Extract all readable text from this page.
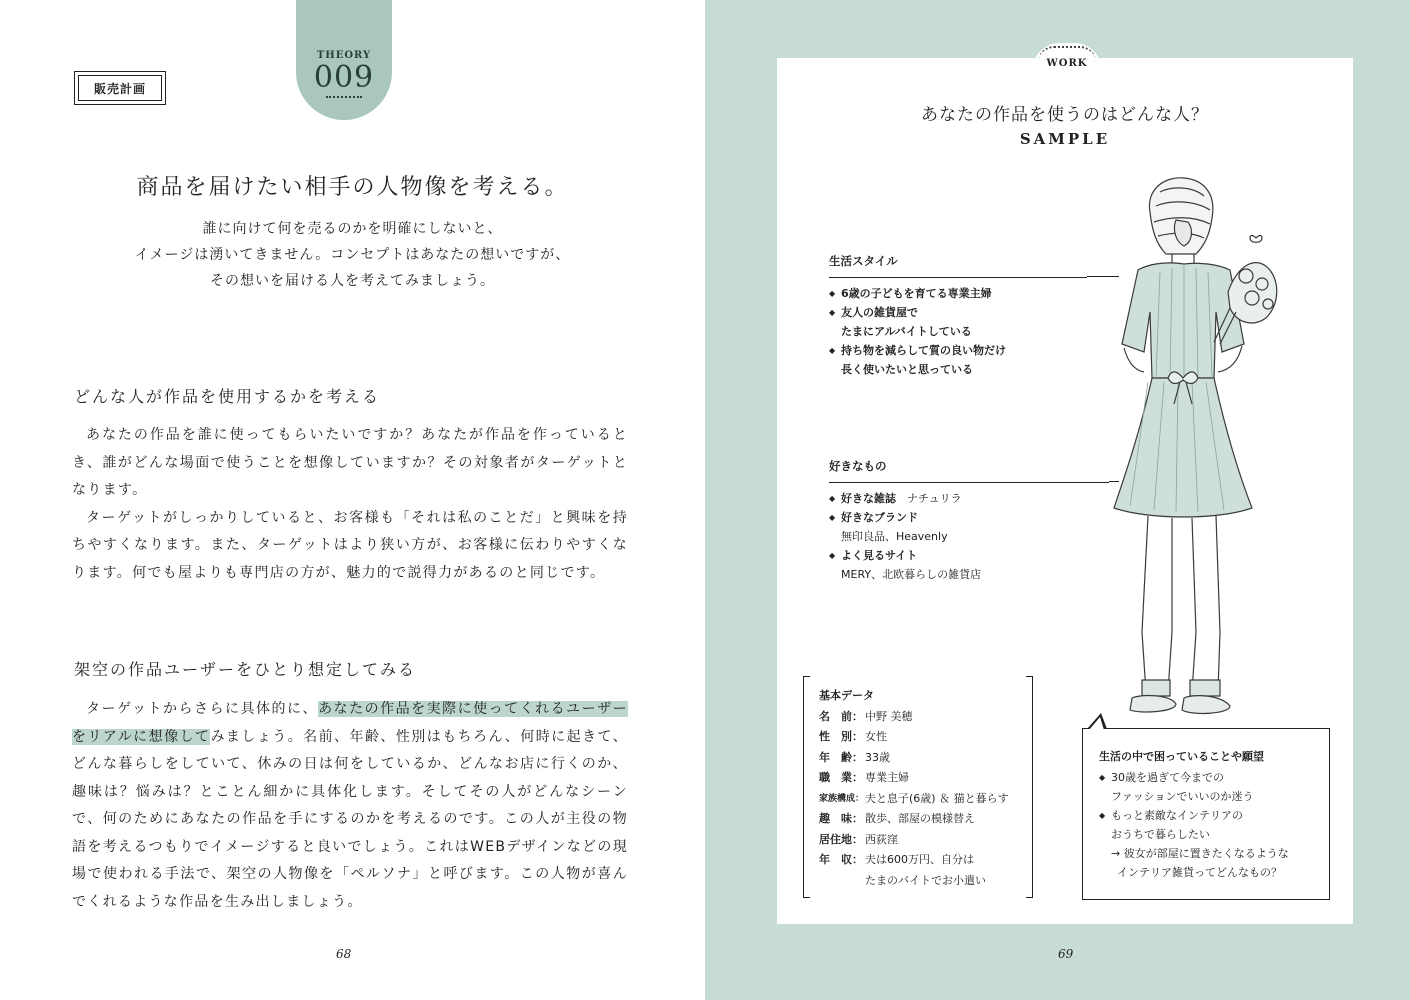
販売計画
THEORY
009
商品を届けたい相手の人物像を考える。
誰に向けて何を売るのかを明確にしないと、
イメージは湧いてきません。コンセプトはあなたの想いですが、
その想いを届ける人を考えてみましょう。
どんな人が作品を使用するかを考える

あなたの作品を誰に使ってもらいたいですか？あなたが作品を作っているとき、誰がどんな場面で使うことを想像していますか？その対象者がターゲットとなります。

ターゲットがしっかりしていると、お客様も「それは私のことだ」と興味を持ちやすくなります。また、ターゲットはより狭い方が、お客様に伝わりやすくなります。何でも屋よりも専門店の方が、魅力的で説得力があるのと同じです。

架空の作品ユーザーをひとり想定してみる

ターゲットからさらに具体的に、あなたの作品を実際に使ってくれるユーザーをリアルに想像してみましょう。名前、年齢、性別はもちろん、何時に起きて、どんな暮らしをしていて、休みの日は何をしているか、どんなお店に行くのか、趣味は？悩みは？とことん細かに具体化します。そしてその人がどんなシーンで、何のためにあなたの作品を手にするのかを考えるのです。この人が主役の物語を考えるつもりでイメージすると良いでしょう。これはWEBデザインなどの現場で使われる手法で、架空の人物像を「ペルソナ」と呼びます。この人物が喜んでくれるような作品を生み出しましょう。

68
WORK
あなたの作品を使うのはどんな人？
SAMPLE
生活スタイル
◆ 6歳の子どもを育てる専業主婦
◆ 友人の雑貨屋で
たまにアルバイトしている
◆ 持ち物を減らして質の良い物だけ
長く使いたいと思っている
好きなもの
◆ 好きな雑誌　 ナチュリラ
◆ 好きなブランド
無印良品、Heavenly
◆ よく見るサイト
MERY、北欧暮らしの雑貨店
基本データ
名　前： 中野 美穂
性　別： 女性
年　齢： 33歳
職　業： 専業主婦
家族構成： 夫と息子(6歳) ＆ 猫と暮らす
趣　味： 散歩、部屋の模様替え
居住地： 西荻窪
年　収： 夫は600万円、自分は
たまのバイトでお小遣い
生活の中で困っていることや願望
◆ 30歳を過ぎて今までの
ファッションでいいのか迷う
◆ もっと素敵なインテリアの
おうちで暮らしたい
→ 彼女が部屋に置きたくなるような
インテリア雑貨ってどんなもの？
69
